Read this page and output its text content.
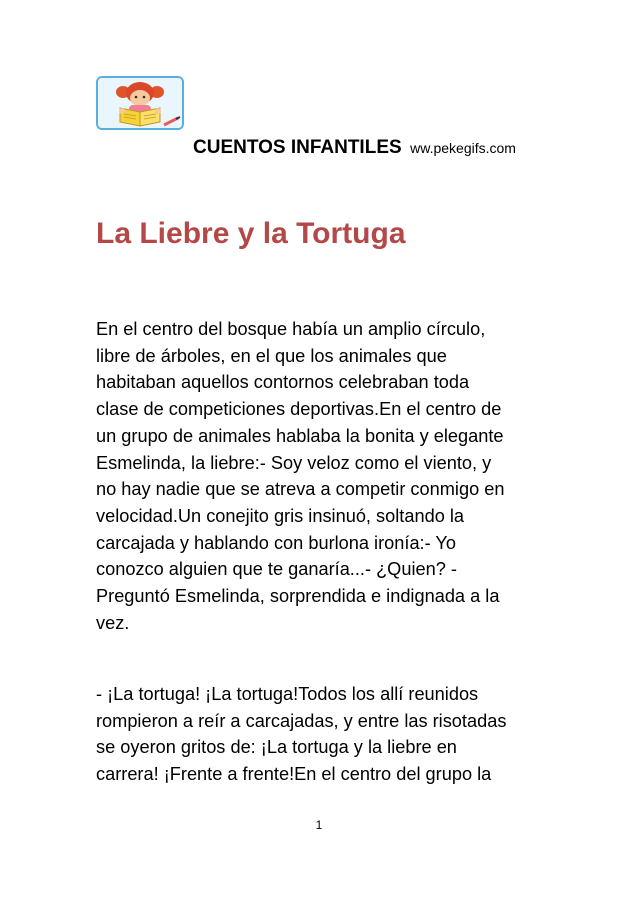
CUENTOS INFANTILES ww.pekegifs.com
La Liebre y la Tortuga

En el centro del bosque había un amplio círculo,
libre de árboles, en el que los animales que
habitaban aquellos contornos celebraban toda
clase de competiciones deportivas.En el centro de
un grupo de animales hablaba la bonita y elegante
Esmelinda, la liebre:- Soy veloz como el viento, y
no hay nadie que se atreva a competir conmigo en
velocidad.Un conejito gris insinuó, soltando la
carcajada y hablando con burlona ironía:- Yo
conozco alguien que te ganaría...- ¿Quien? -
Preguntó Esmelinda, sorprendida e indignada a la
vez.

- ¡La tortuga! ¡La tortuga!Todos los allí reunidos
rompieron a reír a carcajadas, y entre las risotadas
se oyeron gritos de: ¡La tortuga y la liebre en
carrera! ¡Frente a frente!En el centro del grupo la

1
